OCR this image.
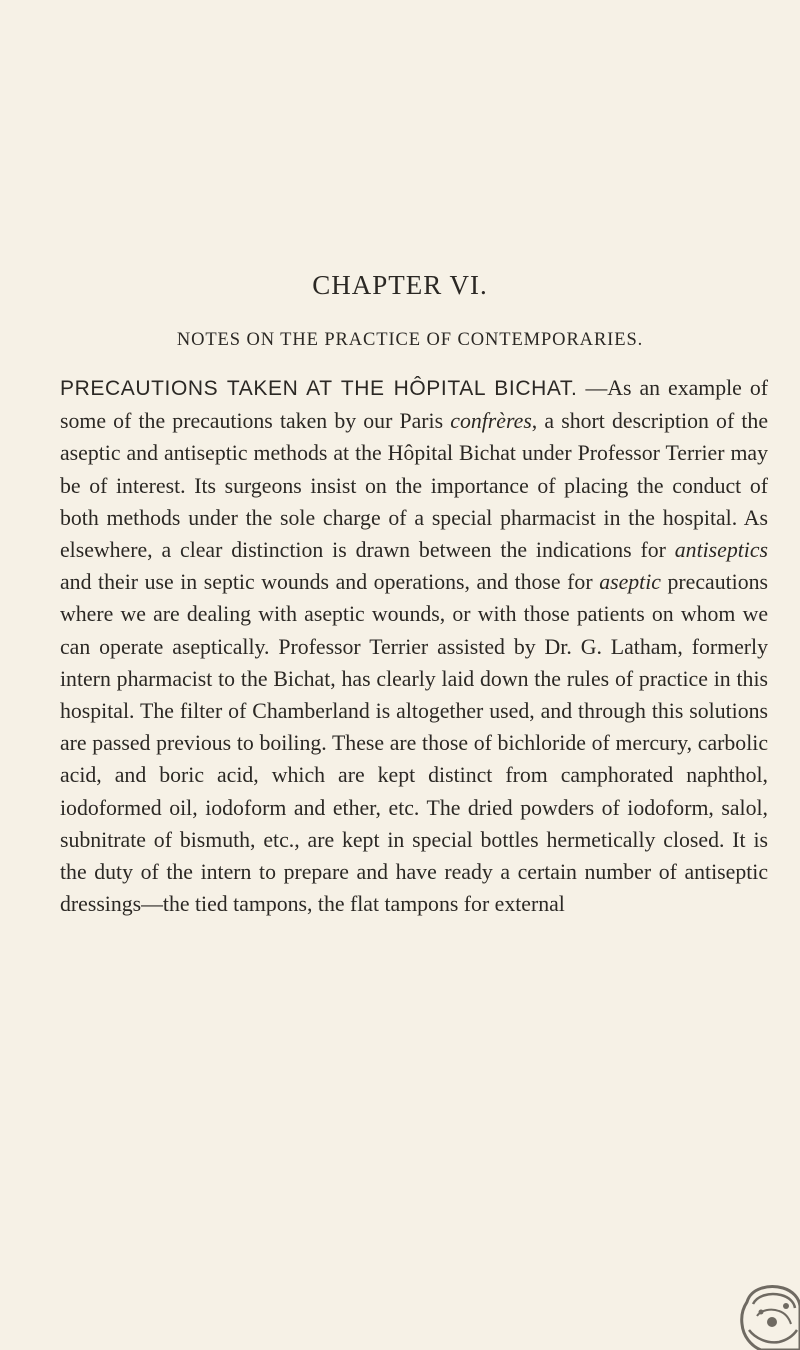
CHAPTER VI.
NOTES ON THE PRACTICE OF CONTEMPORARIES.

PRECAUTIONS TAKEN AT THE HÔPITAL BICHAT. —As an example of some of the precautions taken by our Paris confrères, a short description of the aseptic and antiseptic methods at the Hôpital Bichat under Professor Terrier may be of interest. Its surgeons insist on the importance of placing the conduct of both methods under the sole charge of a special pharmacist in the hospital. As elsewhere, a clear distinction is drawn between the indications for antiseptics and their use in septic wounds and operations, and those for aseptic precautions where we are dealing with aseptic wounds, or with those patients on whom we can operate aseptically. Professor Terrier assisted by Dr. G. Latham, formerly intern pharmacist to the Bichat, has clearly laid down the rules of practice in this hospital. The filter of Chamberland is altogether used, and through this solutions are passed previous to boiling. These are those of bichloride of mercury, carbolic acid, and boric acid, which are kept distinct from camphorated naphthol, iodoformed oil, iodoform and ether, etc. The dried powders of iodoform, salol, subnitrate of bismuth, etc., are kept in special bottles hermetically closed. It is the duty of the intern to prepare and have ready a certain number of antiseptic dressings—the tied tampons, the flat tampons for external
